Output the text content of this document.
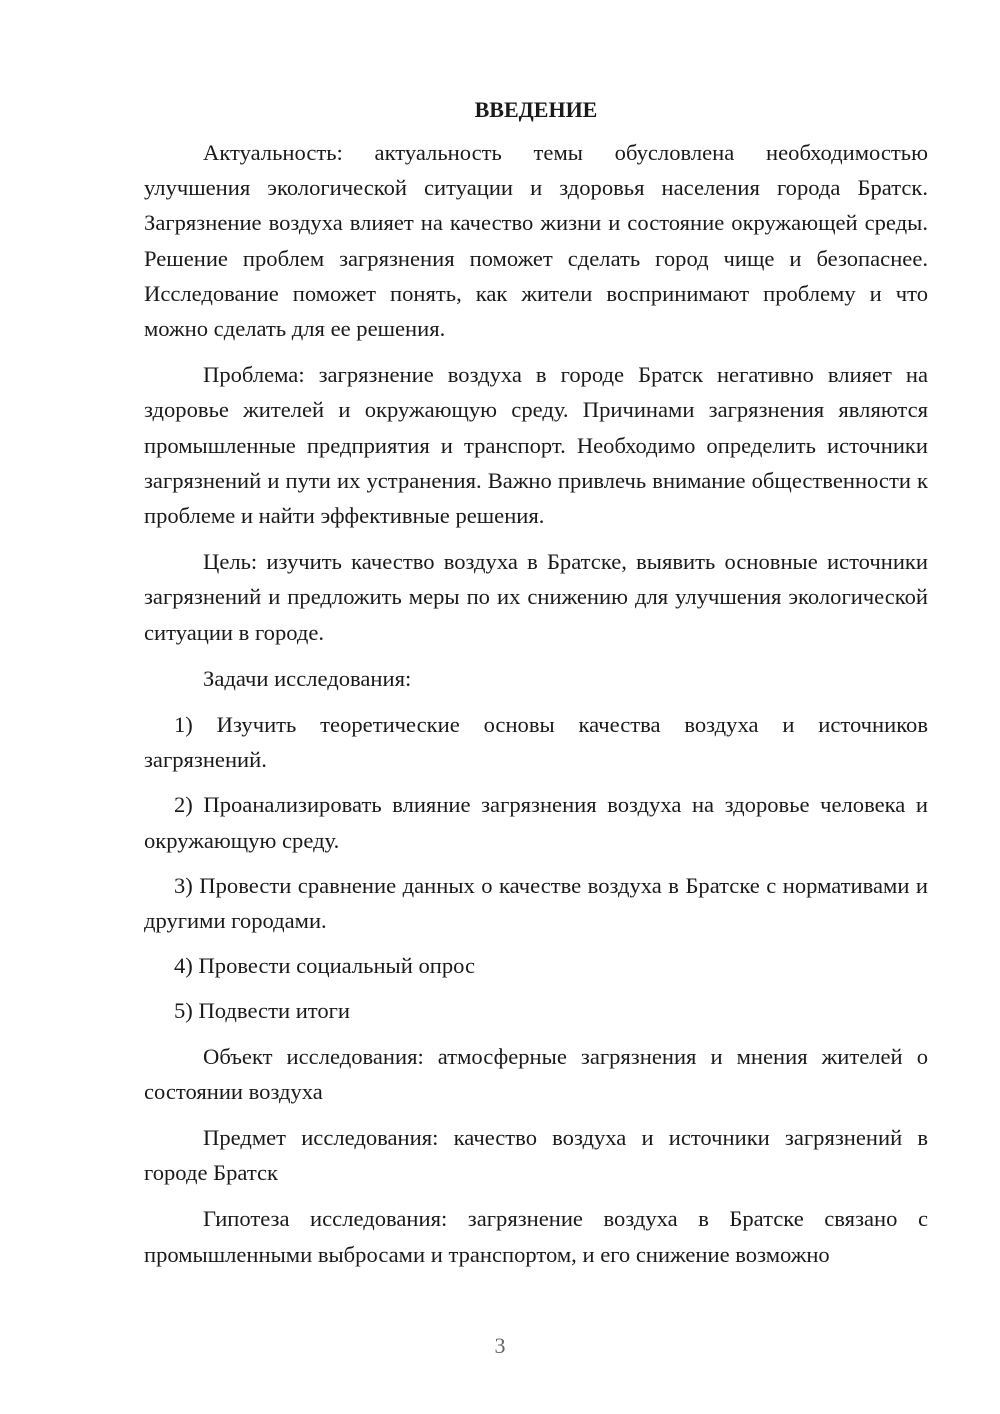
ВВЕДЕНИЕ

Актуальность: актуальность темы обусловлена необходимостью улучшения экологической ситуации и здоровья населения города Братск. Загрязнение воздуха влияет на качество жизни и состояние окружающей среды. Решение проблем загрязнения поможет сделать город чище и безопаснее. Исследование поможет понять, как жители воспринимают проблему и что можно сделать для ее решения.

Проблема: загрязнение воздуха в городе Братск негативно влияет на здоровье жителей и окружающую среду. Причинами загрязнения являются промышленные предприятия и транспорт. Необходимо определить источники загрязнений и пути их устранения. Важно привлечь внимание общественности к проблеме и найти эффективные решения.

Цель: изучить качество воздуха в Братске, выявить основные источники загрязнений и предложить меры по их снижению для улучшения экологической ситуации в городе.

Задачи исследования:

1) Изучить теоретические основы качества воздуха и источников загрязнений.

2) Проанализировать влияние загрязнения воздуха на здоровье человека и окружающую среду.

3) Провести сравнение данных о качестве воздуха в Братске с нормативами и другими городами.

4) Провести социальный опрос

5) Подвести итоги

Объект исследования: атмосферные загрязнения и мнения жителей о состоянии воздуха

Предмет исследования: качество воздуха и источники загрязнений в городе Братск

Гипотеза исследования: загрязнение воздуха в Братске связано с промышленными выбросами и транспортом, и его снижение возможно

3
